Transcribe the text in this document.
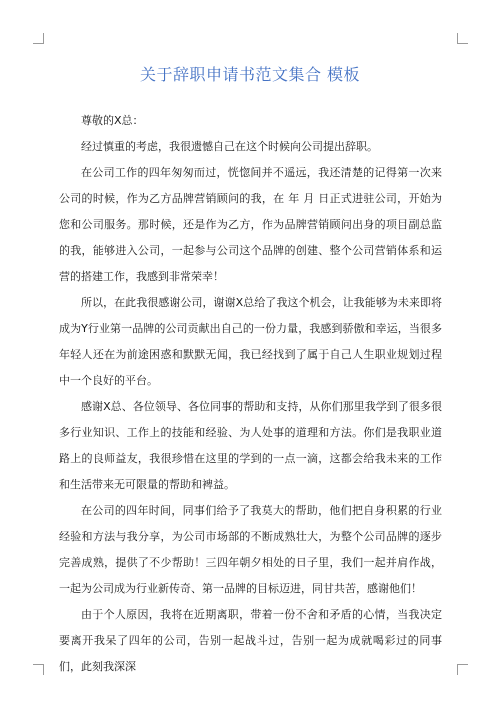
关于辞职申请书范文集合 模板

尊敬的X总：

经过慎重的考虑，我很遗憾自己在这个时候向公司提出辞职。

在公司工作的四年匆匆而过，恍惚间并不遥远，我还清楚的记得第一次来公司的时候，作为乙方品牌营销顾问的我，在 年 月 日正式进驻公司，开始为您和公司服务。那时候，还是作为乙方，作为品牌营销顾问出身的项目副总监的我，能够进入公司，一起参与公司这个品牌的创建、整个公司营销体系和运营的搭建工作，我感到非常荣幸！

所以，在此我很感谢公司，谢谢X总给了我这个机会，让我能够为未来即将成为Y行业第一品牌的公司贡献出自己的一份力量，我感到骄傲和幸运，当很多年轻人还在为前途困惑和默默无闻，我已经找到了属于自己人生职业规划过程中一个良好的平台。

感谢X总、各位领导、各位同事的帮助和支持，从你们那里我学到了很多很多行业知识、工作上的技能和经验、为人处事的道理和方法。你们是我职业道路上的良师益友，我很珍惜在这里的学到的一点一滴，这都会给我未来的工作和生活带来无可限量的帮助和裨益。

在公司的四年时间，同事们给予了我莫大的帮助，他们把自身积累的行业经验和方法与我分享，为公司市场部的不断成熟壮大，为整个公司品牌的逐步完善成熟，提供了不少帮助！三四年朝夕相处的日子里，我们一起并肩作战，一起为公司成为行业新传奇、第一品牌的目标迈进，同甘共苦，感谢他们！

由于个人原因，我将在近期离职，带着一份不舍和矛盾的心情，当我决定要离开我呆了四年的公司，告别一起战斗过，告别一起为成就喝彩过的同事们，此刻我深深
